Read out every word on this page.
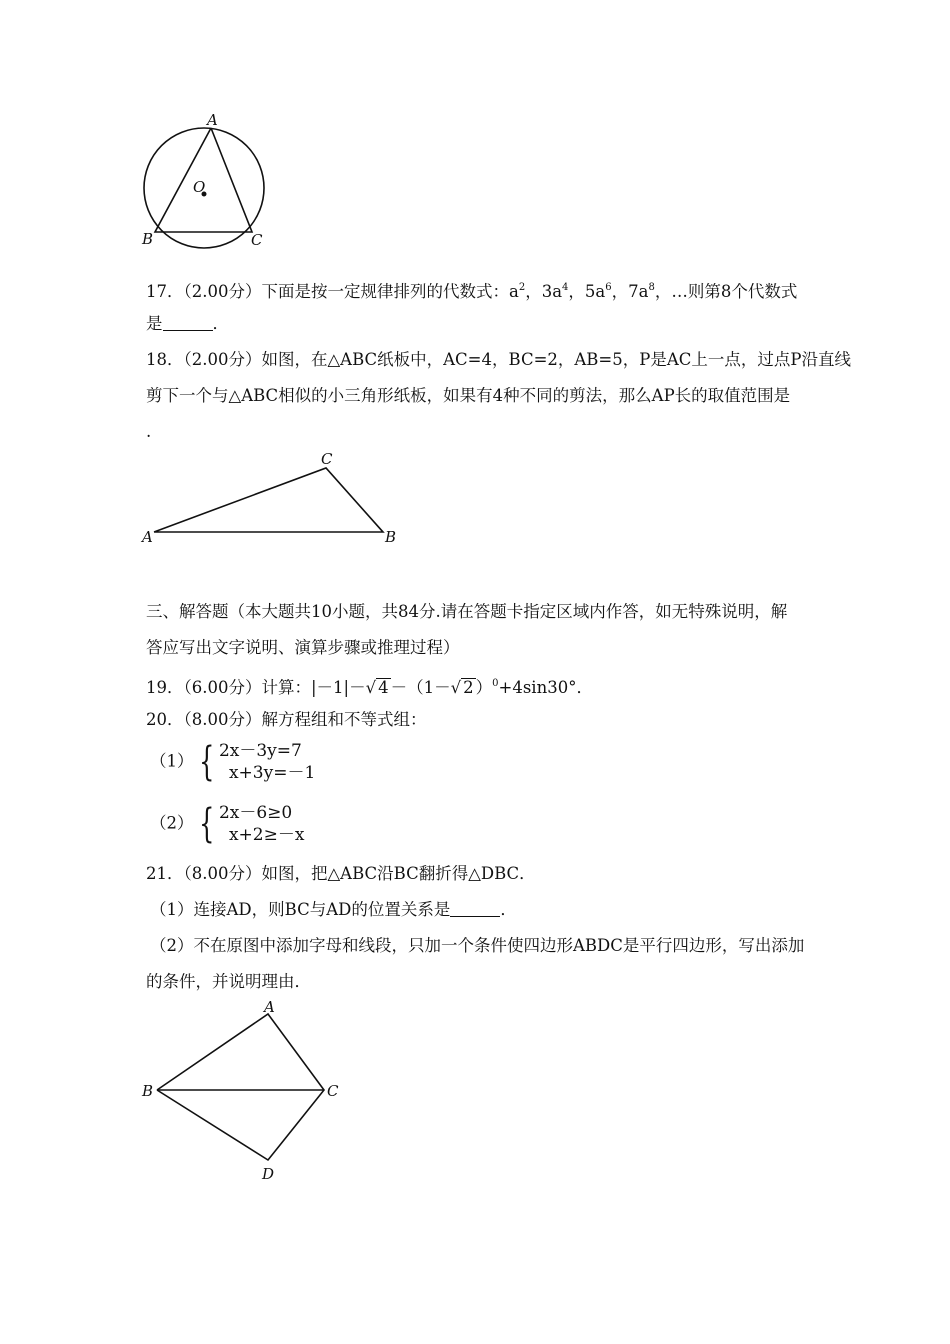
A
B	C
O
17．（2.00分）下面是按一定规律排列的代数式：$a^2$，$3a^4$，$5a^6$，$7a^8$，…则第8个代数式
是	．
18．（2.00分）如图，在△ABC纸板中，AC=4，BC=2，AB=5，P是AC上一点，过点P沿直线
剪下一个与△ABC相似的小三角形纸板，如果有4种不同的剪法，那么AP长的取值范围是
.
A	B
C
三、解答题（本大题共10小题，共84分.请在答题卡指定区域内作答，如无特殊说明，解
答应写出文字说明、演算步骤或推理过程）
19．（6.00分）计算：|－1|－√ 4 －（1－√ 2 ）$^0$+4sin30°．
20．（8.00分）解方程组和不等式组：
（1） { 2x－3y=7
x+3y=－1
（2） { 2x－6≥0
x+2≥－x
21．（8.00分）如图，把△ABC沿BC翻折得△DBC．
（1）连接AD，则BC与AD的位置关系是	．
（2）不在原图中添加字母和线段，只加一个条件使四边形ABDC是平行四边形，写出添加
的条件，并说明理由．
A
B	C
D
